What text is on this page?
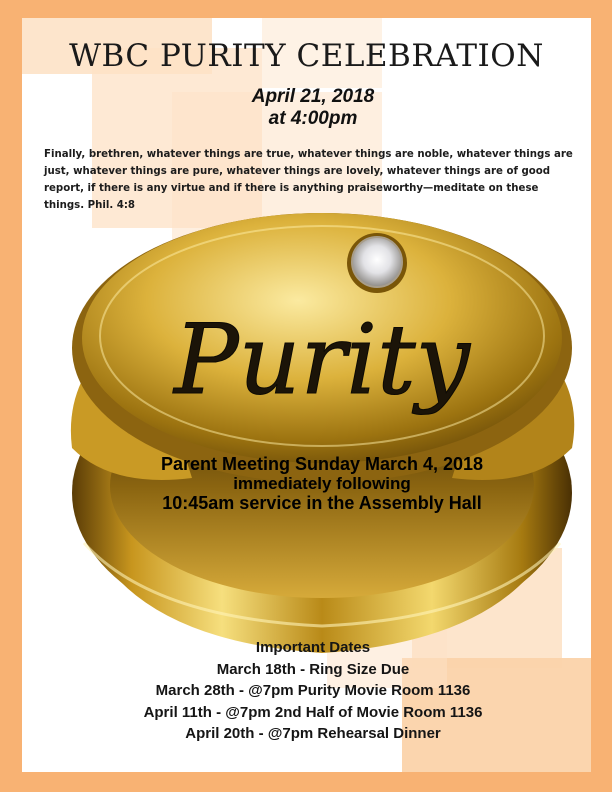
Purity
WBC PURITY CELEBRATION
April 21, 2018
at 4:00pm
Finally, brethren, whatever things are true, whatever things are noble, whatever things are just, whatever things are pure, whatever things are lovely, whatever things are of good report, if there is any virtue and if there is anything praiseworthy—meditate on these things. Phil. 4:8
Parent Meeting Sunday March 4, 2018
immediately following
10:45am service in the Assembly Hall
Important Dates
March 18th - Ring Size Due
March 28th - @7pm Purity Movie Room 1136
April 11th - @7pm 2nd Half of Movie Room 1136
April 20th - @7pm Rehearsal Dinner
